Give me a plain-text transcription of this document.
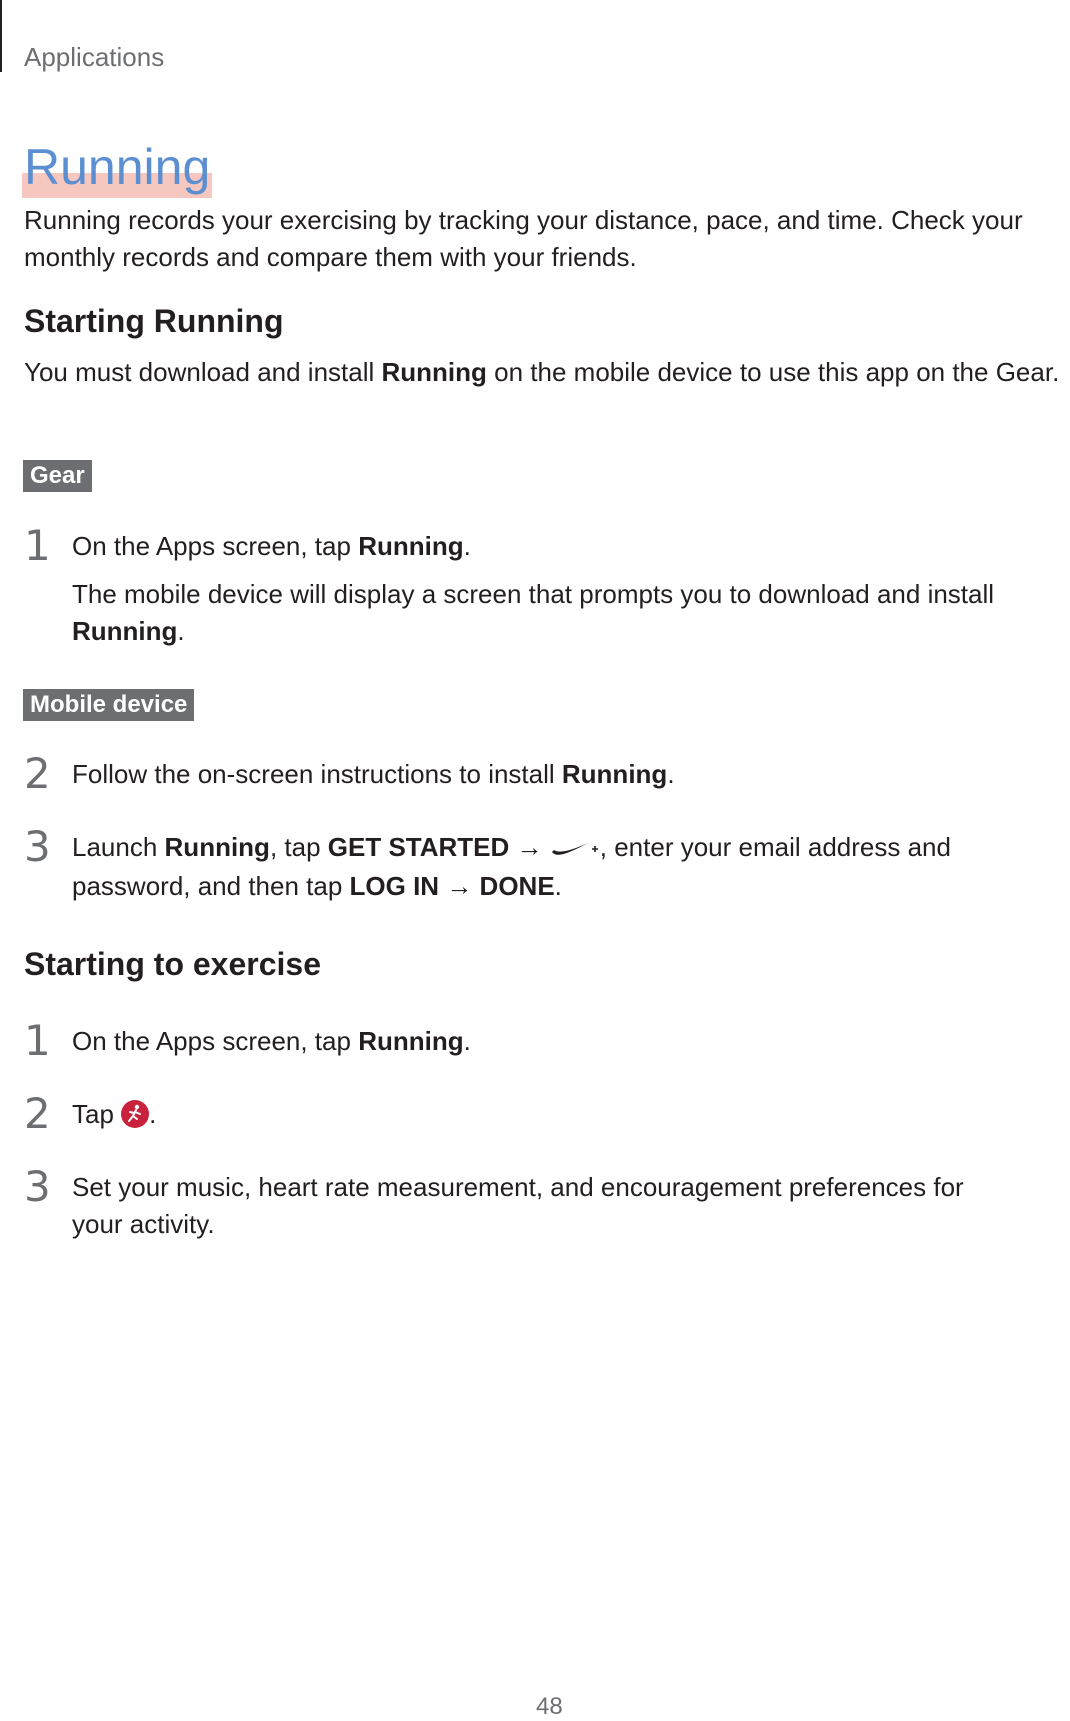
Applications
Running
Running records your exercising by tracking your distance, pace, and time. Check your monthly records and compare them with your friends.
Starting Running
You must download and install Running on the mobile device to use this app on the Gear.
Gear
1 On the Apps screen, tap Running.
The mobile device will display a screen that prompts you to download and install Running.
Mobile device
2 Follow the on-screen instructions to install Running.
3 Launch Running, tap GET STARTED → , enter your email address and password, and then tap LOG IN → DONE.
Starting to exercise
1 On the Apps screen, tap Running.
2 Tap
.
3 Set your music, heart rate measurement, and encouragement preferences for your activity.
48
